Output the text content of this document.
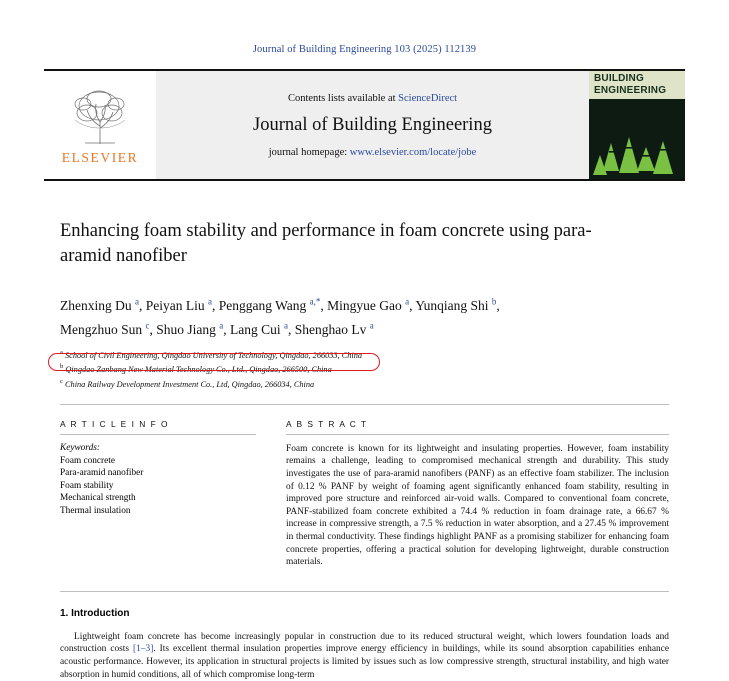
Journal of Building Engineering 103 (2025) 112139
ELSEVIER
Contents lists available at ScienceDirect
Journal of Building Engineering
journal homepage: www.elsevier.com/locate/jobe
BUILDING ENGINEERING
Enhancing foam stability and performance in foam concrete using para-aramid nanofiber
Zhenxing Du $^a$, Peiyan Liu $^a$, Penggang Wang $^{a,*}$, Mingyue Gao $^a$, Yunqiang Shi $^b$,
Mengzhuo Sun $^c$, Shuo Jiang $^a$, Lang Cui $^a$, Shenghao Lv $^a$
$^a$ School of Civil Engineering, Qingdao University of Technology, Qingdao, 266033, China
$^b$ Qingdao Zanbang New Material Technology Co., Ltd., Qingdao, 266500, China
$^c$ China Railway Development Investment Co., Ltd, Qingdao, 266034, China
A R T I C L E I N F O
Keywords:
Foam concrete
Para-aramid nanofiber
Foam stability
Mechanical strength
Thermal insulation
A B S T R A C T
Foam concrete is known for its lightweight and insulating properties. However, foam instability remains a challenge, leading to compromised mechanical strength and durability. This study investigates the use of para-aramid nanofibers (PANF) as an effective foam stabilizer. The inclusion of 0.12 % PANF by weight of foaming agent significantly enhanced foam stability, resulting in improved pore structure and reinforced air-void walls. Compared to conventional foam concrete, PANF-stabilized foam concrete exhibited a 74.4 % reduction in foam drainage rate, a 66.67 % increase in compressive strength, a 7.5 % reduction in water absorption, and a 27.45 % improvement in thermal conductivity. These findings highlight PANF as a promising stabilizer for enhancing foam concrete properties, offering a practical solution for developing lightweight, durable construction materials.
1. Introduction

Lightweight foam concrete has become increasingly popular in construction due to its reduced structural weight, which lowers foundation loads and construction costs [1–3]. Its excellent thermal insulation properties improve energy efficiency in buildings, while its sound absorption capabilities enhance acoustic performance. However, its application in structural projects is limited by issues such as low compressive strength, structural instability, and high water absorption in humid conditions, all of which compromise long-term
